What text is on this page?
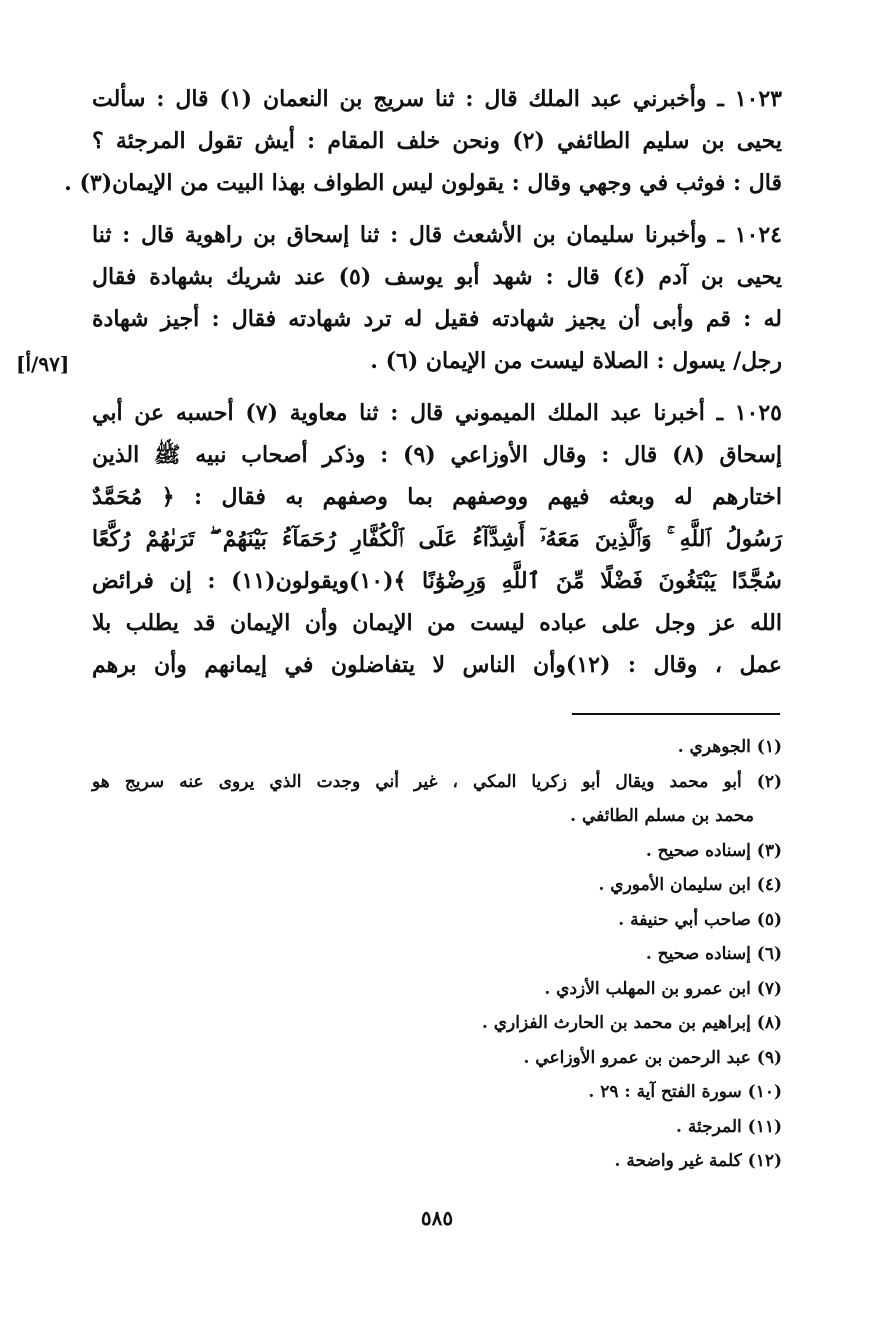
١٠٢٣ ـ وأخبرني عبد الملك قال : ثنا سريج بن النعمان (١) قال : سألت
يحيى بن سليم الطائفي (٢) ونحن خلف المقام : أيش تقول المرجئة ؟
قال : فوثب في وجهي وقال : يقولون ليس الطواف بهذا البيت من الإيمان(٣) .
١٠٢٤ ـ وأخبرنا سليمان بن الأشعث قال : ثنا إسحاق بن راهوية قال : ثنا
يحيى بن آدم (٤) قال : شهد أبو يوسف (٥) عند شريك بشهادة فقال
له : قم وأبى أن يجيز شهادته فقيل له ترد شهادته فقال : أجيز شهادة
رجل/ يسول : الصلاة ليست من الإيمان (٦) .
١٠٢٥ ـ أخبرنا عبد الملك الميموني قال : ثنا معاوية (٧) أحسبه عن أبي
إسحاق (٨) قال : وقال الأوزاعي (٩) : وذكر أصحاب نبيه ﷺ الذين
اختارهم له وبعثه فيهم ووصفهم بما وصفهم به فقال : ﴿ مُحَمَّدٌ
رَسُولُ ٱللَّهِ ۚ وَٱلَّذِينَ مَعَهُۥٓ أَشِدَّآءُ عَلَى ٱلْكُفَّارِ رُحَمَآءُ بَيْنَهُمْ ۖ تَرَىٰهُمْ رُكَّعًا
سُجَّدًا يَبْتَغُونَ فَضْلًا مِّنَ ٱللَّهِ وَرِضْوَٰنًا ﴾(١٠)ويقولون(١١) : إن فرائض
الله عز وجل على عباده ليست من الإيمان وأن الإيمان قد يطلب بلا
عمل ، وقال : (١٢)وأن الناس لا يتفاضلون في إيمانهم وأن برهم
[٩٧/أ]
(١) الجوهري .
(٢) أبو محمد ويقال أبو زكريا المكي ، غير أني وجدت الذي يروى عنه سريج هو
محمد بن مسلم الطائفي .
(٣) إسناده صحيح .
(٤) ابن سليمان الأموري .
(٥) صاحب أبي حنيفة .
(٦) إسناده صحيح .
(٧) ابن عمرو بن المهلب الأزدي .
(٨) إبراهيم بن محمد بن الحارث الفزاري .
(٩) عبد الرحمن بن عمرو الأوزاعي .
(١٠) سورة الفتح آية : ٢٩ .
(١١) المرجئة .
(١٢) كلمة غير واضحة .
٥٨٥
